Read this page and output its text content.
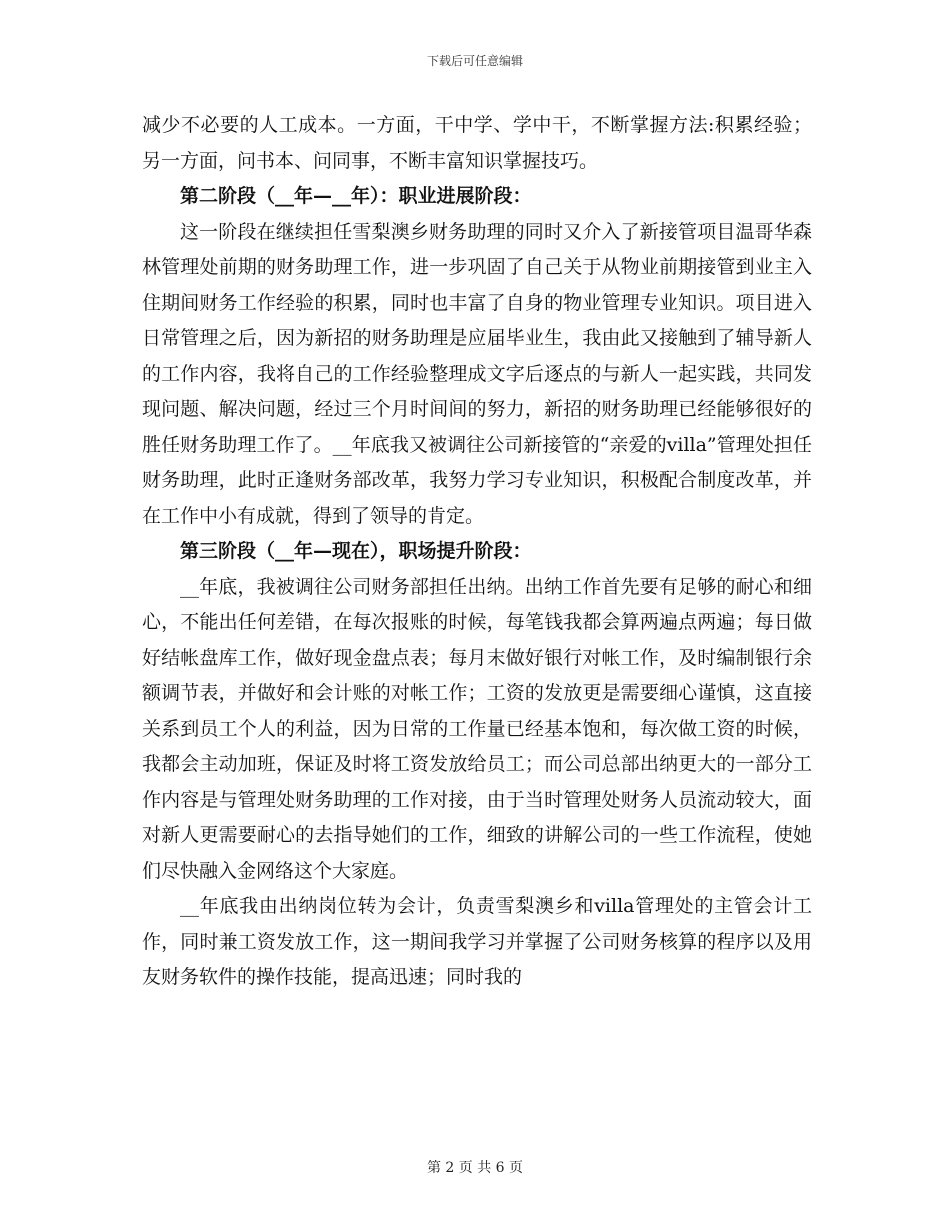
下载后可任意编辑

减少不必要的人工成本。一方面，干中学、学中干，不断掌握方法:积累经验；另一方面，问书本、问同事，不断丰富知识掌握技巧。

第二阶段（__年—__年）：职业进展阶段：

这一阶段在继续担任雪梨澳乡财务助理的同时又介入了新接管项目温哥华森林管理处前期的财务助理工作，进一步巩固了自己关于从物业前期接管到业主入住期间财务工作经验的积累，同时也丰富了自身的物业管理专业知识。项目进入日常管理之后，因为新招的财务助理是应届毕业生，我由此又接触到了辅导新人的工作内容，我将自己的工作经验整理成文字后逐点的与新人一起实践，共同发现问题、解决问题，经过三个月时间间的努力，新招的财务助理已经能够很好的胜任财务助理工作了。__年底我又被调往公司新接管的“亲爱的villa”管理处担任财务助理，此时正逢财务部改革，我努力学习专业知识，积极配合制度改革，并在工作中小有成就，得到了领导的肯定。

第三阶段（__年—现在），职场提升阶段：

__年底，我被调往公司财务部担任出纳。出纳工作首先要有足够的耐心和细心，不能出任何差错，在每次报账的时候，每笔钱我都会算两遍点两遍；每日做好结帐盘库工作，做好现金盘点表；每月末做好银行对帐工作，及时编制银行余额调节表，并做好和会计账的对帐工作；工资的发放更是需要细心谨慎，这直接关系到员工个人的利益，因为日常的工作量已经基本饱和，每次做工资的时候，我都会主动加班，保证及时将工资发放给员工；而公司总部出纳更大的一部分工作内容是与管理处财务助理的工作对接，由于当时管理处财务人员流动较大，面对新人更需要耐心的去指导她们的工作，细致的讲解公司的一些工作流程，使她们尽快融入金网络这个大家庭。

__年底我由出纳岗位转为会计，负责雪梨澳乡和villa管理处的主管会计工作，同时兼工资发放工作，这一期间我学习并掌握了公司财务核算的程序以及用友财务软件的操作技能，提高迅速；同时我的

第 2 页 共 6 页
